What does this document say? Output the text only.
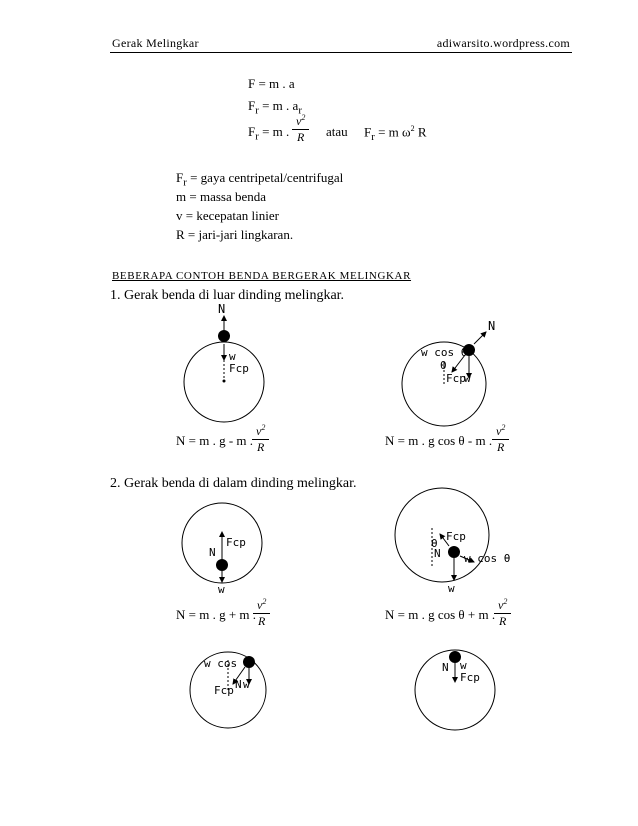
Gerak Melingkar	adiwarsito.wordpress.com
F = m . a
$F_r = m$ . $a_r$
$F_r = m$ . $\frac{v^2}{R}$ atau $F_r = m$ $\omega^2$ R
$F_r$ = gaya centripetal/centrifugal
m = massa benda
v = kecepatan linier
R = jari-jari lingkaran.
BEBERAPA CONTOH BENDA BERGERAK MELINGKAR
1. Gerak benda di luar dinding melingkar.
N
w
Fcp
N
w cos θ
θ
Fcp
w
Fcp
N
w
Fcp
θ
N w cos θ
w
w cos θ
Fcp N w
N w
Fcp
N = m . g - m .
$\frac{v^2}{R}$	N = m . g cos θ - m . $\frac{v^2}{R}$
2. Gerak benda di dalam dinding melingkar.
N = m . g + m .
$\frac{v^2}{R}$	N = m . g cos θ + m .
$\frac{v^2}{R}$
